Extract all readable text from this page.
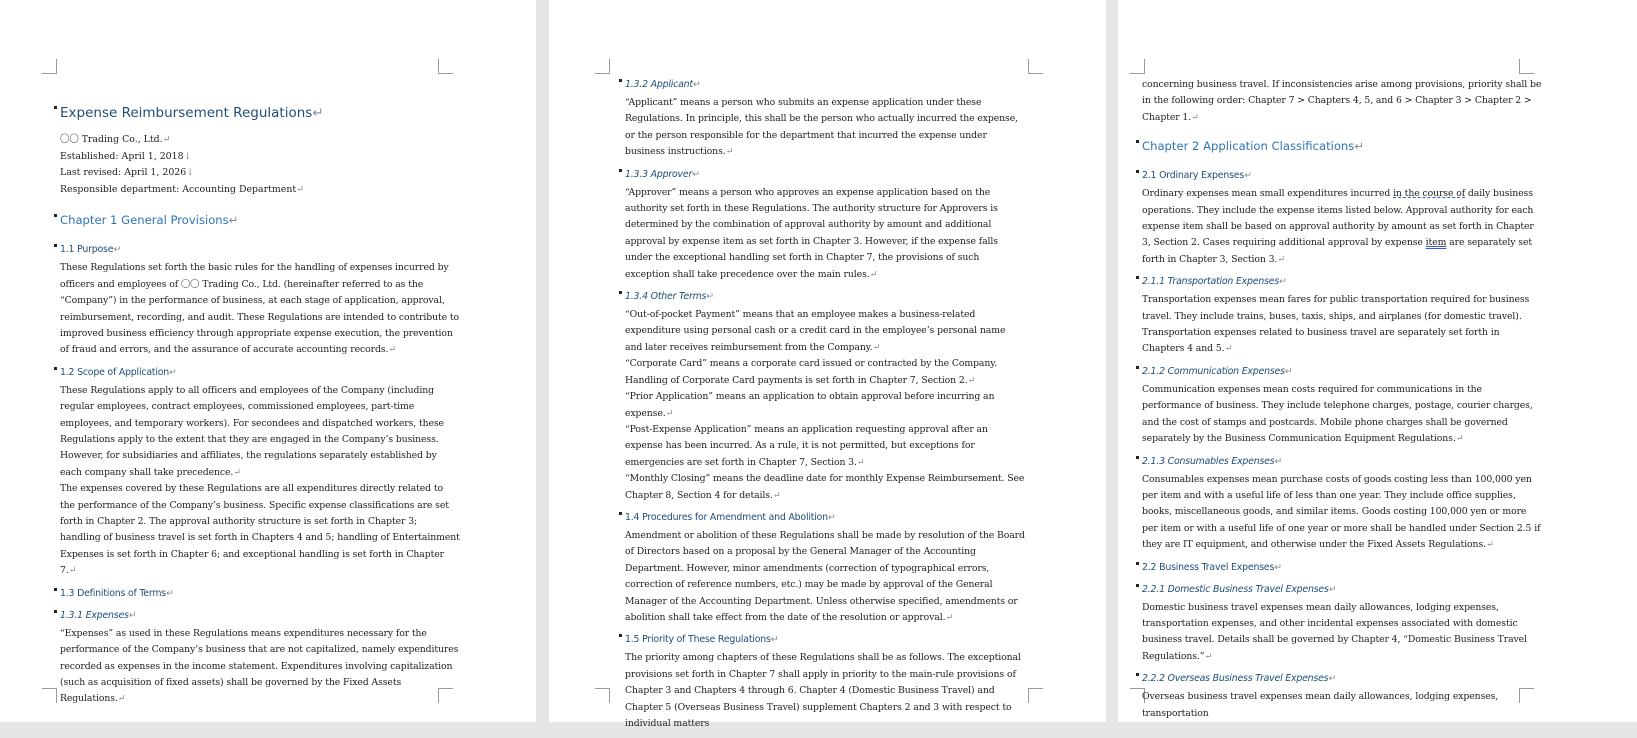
Expense Reimbursement Regulations↵

〇〇 Trading Co., Ltd.↵

Established: April 1, 2018↓

Last revised: April 1, 2026↓

Responsible department: Accounting Department↵

Chapter 1 General Provisions↵

1.1 Purpose↵

These Regulations set forth the basic rules for the handling of expenses incurred by officers and employees of 〇〇 Trading Co., Ltd. (hereinafter referred to as the “Company”) in the performance of business, at each stage of application, approval, reimbursement, recording, and audit. These Regulations are intended to contribute to improved business efficiency through appropriate expense execution, the prevention of fraud and errors, and the assurance of accurate accounting records.↵

1.2 Scope of Application↵

These Regulations apply to all officers and employees of the Company (including regular employees, contract employees, commissioned employees, part-time employees, and temporary workers). For secondees and dispatched workers, these Regulations apply to the extent that they are engaged in the Company’s business. However, for subsidiaries and affiliates, the regulations separately established by each company shall take precedence.↵

The expenses covered by these Regulations are all expenditures directly related to the performance of the Company’s business. Specific expense classifications are set forth in Chapter 2. The approval authority structure is set forth in Chapter 3; handling of business travel is set forth in Chapters 4 and 5; handling of Entertainment Expenses is set forth in Chapter 6; and exceptional handling is set forth in Chapter 7.↵

1.3 Definitions of Terms↵

1.3.1 Expenses↵

“Expenses” as used in these Regulations means expenditures necessary for the performance of the Company’s business that are not capitalized, namely expenditures recorded as expenses in the income statement. Expenditures involving capitalization (such as acquisition of fixed assets) shall be governed by the Fixed Assets Regulations.↵

1.3.2 Applicant↵

“Applicant” means a person who submits an expense application under these Regulations. In principle, this shall be the person who actually incurred the expense, or the person responsible for the department that incurred the expense under business instructions.↵

1.3.3 Approver↵

“Approver” means a person who approves an expense application based on the authority set forth in these Regulations. The authority structure for Approvers is determined by the combination of approval authority by amount and additional approval by expense item as set forth in Chapter 3. However, if the expense falls under the exceptional handling set forth in Chapter 7, the provisions of such exception shall take precedence over the main rules.↵

1.3.4 Other Terms↵

“Out-of-pocket Payment” means that an employee makes a business-related expenditure using personal cash or a credit card in the employee’s personal name and later receives reimbursement from the Company.↵

“Corporate Card” means a corporate card issued or contracted by the Company. Handling of Corporate Card payments is set forth in Chapter 7, Section 2.↵

“Prior Application” means an application to obtain approval before incurring an expense.↵

“Post-Expense Application” means an application requesting approval after an expense has been incurred. As a rule, it is not permitted, but exceptions for emergencies are set forth in Chapter 7, Section 3.↵

“Monthly Closing” means the deadline date for monthly Expense Reimbursement. See Chapter 8, Section 4 for details.↵

1.4 Procedures for Amendment and Abolition↵

Amendment or abolition of these Regulations shall be made by resolution of the Board of Directors based on a proposal by the General Manager of the Accounting Department. However, minor amendments (correction of typographical errors, correction of reference numbers, etc.) may be made by approval of the General Manager of the Accounting Department. Unless otherwise specified, amendments or abolition shall take effect from the date of the resolution or approval.↵

1.5 Priority of These Regulations↵

The priority among chapters of these Regulations shall be as follows. The exceptional provisions set forth in Chapter 7 shall apply in priority to the main-rule provisions of Chapter 3 and Chapters 4 through 6. Chapter 4 (Domestic Business Travel) and Chapter 5 (Overseas Business Travel) supplement Chapters 2 and 3 with respect to individual matters

concerning business travel. If inconsistencies arise among provisions, priority shall be in the following order: Chapter 7 > Chapters 4, 5, and 6 > Chapter 3 > Chapter 2 > Chapter 1.↵

Chapter 2 Application Classifications↵

2.1 Ordinary Expenses↵

Ordinary expenses mean small expenditures incurred in the course of daily business operations. They include the expense items listed below. Approval authority for each expense item shall be based on approval authority by amount as set forth in Chapter 3, Section 2. Cases requiring additional approval by expense item are separately set forth in Chapter 3, Section 3.↵

2.1.1 Transportation Expenses↵

Transportation expenses mean fares for public transportation required for business travel. They include trains, buses, taxis, ships, and airplanes (for domestic travel). Transportation expenses related to business travel are separately set forth in Chapters 4 and 5.↵

2.1.2 Communication Expenses↵

Communication expenses mean costs required for communications in the performance of business. They include telephone charges, postage, courier charges, and the cost of stamps and postcards. Mobile phone charges shall be governed separately by the Business Communication Equipment Regulations.↵

2.1.3 Consumables Expenses↵

Consumables expenses mean purchase costs of goods costing less than 100,000 yen per item and with a useful life of less than one year. They include office supplies, books, miscellaneous goods, and similar items. Goods costing 100,000 yen or more per item or with a useful life of one year or more shall be handled under Section 2.5 if they are IT equipment, and otherwise under the Fixed Assets Regulations.↵

2.2 Business Travel Expenses↵

2.2.1 Domestic Business Travel Expenses↵

Domestic business travel expenses mean daily allowances, lodging expenses, transportation expenses, and other incidental expenses associated with domestic business travel. Details shall be governed by Chapter 4, “Domestic Business Travel Regulations.”↵

2.2.2 Overseas Business Travel Expenses↵

Overseas business travel expenses mean daily allowances, lodging expenses, transportation
